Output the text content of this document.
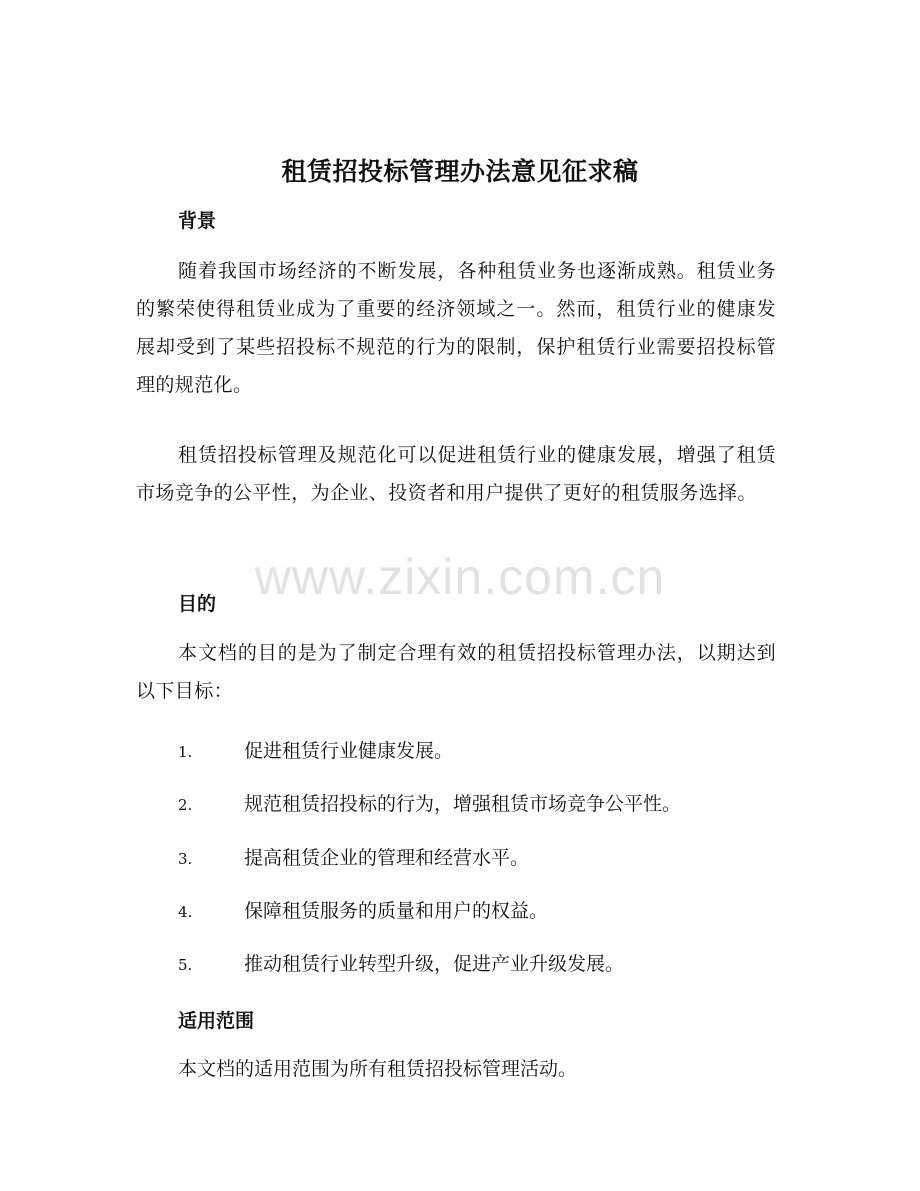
租赁招投标管理办法意见征求稿
背景
随着我国市场经济的不断发展，各种租赁业务也逐渐成熟。租赁业务的繁荣使得租赁业成为了重要的经济领域之一。然而，租赁行业的健康发展却受到了某些招投标不规范的行为的限制，保护租赁行业需要招投标管理的规范化。
租赁招投标管理及规范化可以促进租赁行业的健康发展，增强了租赁市场竞争的公平性，为企业、投资者和用户提供了更好的租赁服务选择。
目的
本文档的目的是为了制定合理有效的租赁招投标管理办法，以期达到以下目标：
1.	促进租赁行业健康发展。
2.	规范租赁招投标的行为，增强租赁市场竞争公平性。
3.	提高租赁企业的管理和经营水平。
4.	保障租赁服务的质量和用户的权益。
5.	推动租赁行业转型升级，促进产业升级发展。
适用范围
本文档的适用范围为所有租赁招投标管理活动。
www.zixin.com.cn
